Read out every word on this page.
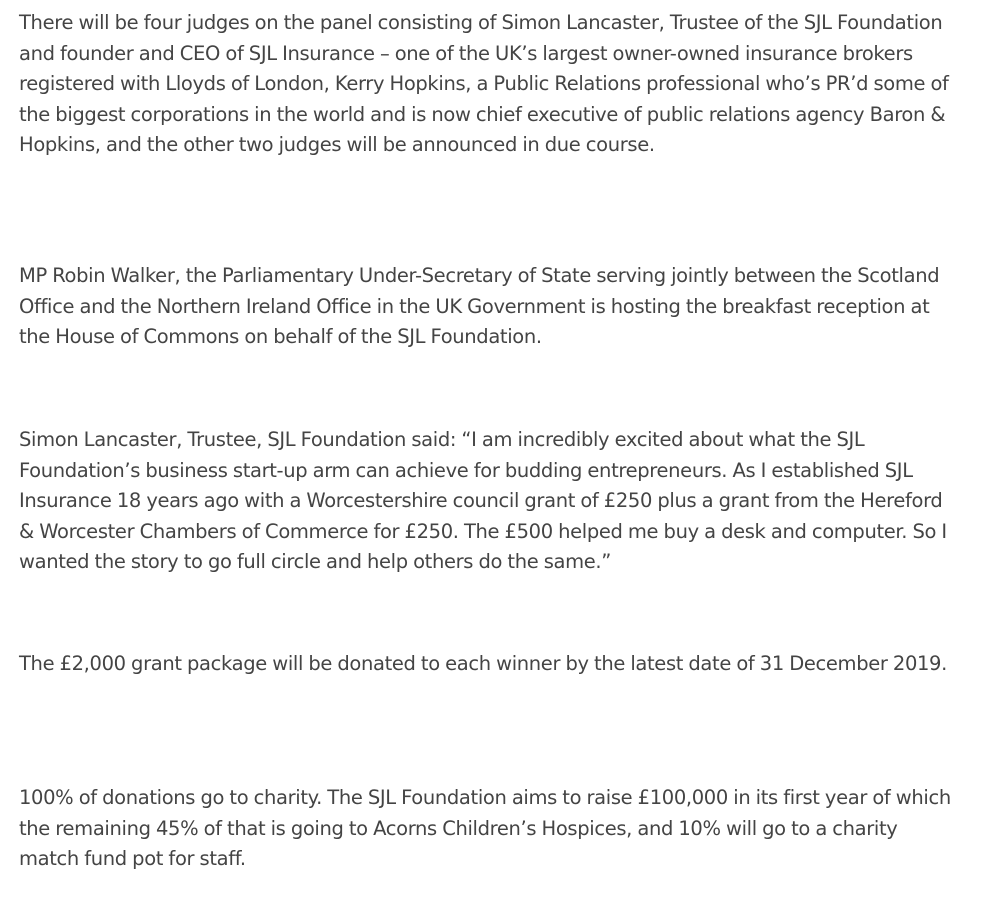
There will be four judges on the panel consisting of Simon Lancaster, Trustee of the SJL Foundation and founder and CEO of SJL Insurance – one of the UK’s largest owner-owned insurance brokers registered with Lloyds of London, Kerry Hopkins, a Public Relations professional who’s PR’d some of the biggest corporations in the world and is now chief executive of public relations agency Baron & Hopkins, and the other two judges will be announced in due course.

MP Robin Walker, the Parliamentary Under-Secretary of State serving jointly between the Scotland Office and the Northern Ireland Office in the UK Government is hosting the breakfast reception at the House of Commons on behalf of the SJL Foundation.

Simon Lancaster, Trustee, SJL Foundation said: “I am incredibly excited about what the SJL Foundation’s business start-up arm can achieve for budding entrepreneurs. As I established SJL Insurance 18 years ago with a Worcestershire council grant of £250 plus a grant from the Hereford & Worcester Chambers of Commerce for £250. The £500 helped me buy a desk and computer. So I wanted the story to go full circle and help others do the same.”

The £2,000 grant package will be donated to each winner by the latest date of 31 December 2019.

100% of donations go to charity. The SJL Foundation aims to raise £100,000 in its first year of which the remaining 45% of that is going to Acorns Children’s Hospices, and 10% will go to a charity match fund pot for staff.
